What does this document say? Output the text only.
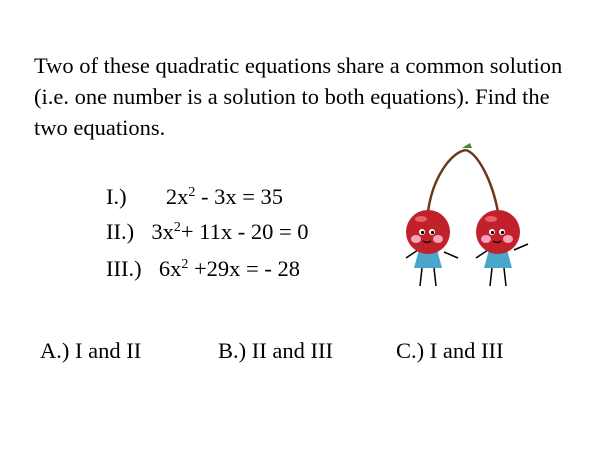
Two of these quadratic equations share a common solution (i.e. one number is a solution to both equations). Find the two equations.

I.) $2x^2 - 3x = 35$
II.) $3x^2+ 11x - 20 = 0$
III.) $6x^2 +29x$ = - 28
A.) I and II	B.) II and III	C.) I and III
